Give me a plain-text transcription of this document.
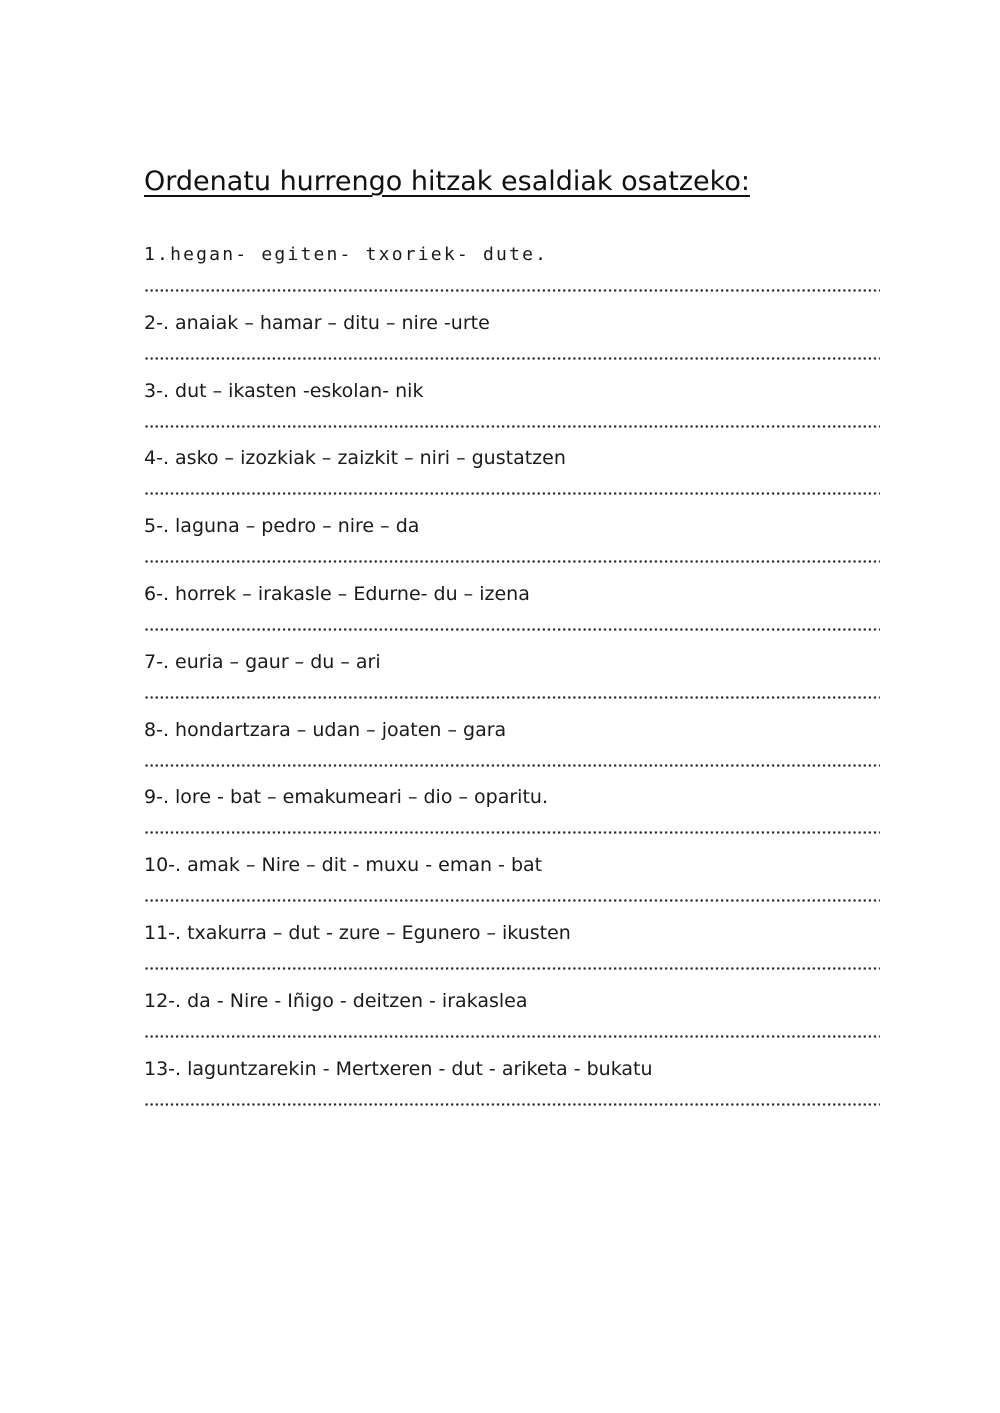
Ordenatu hurrengo hitzak esaldiak osatzeko:
1.hegan- egiten- txoriek- dute.
2-. anaiak – hamar – ditu – nire -urte
3-. dut – ikasten -eskolan- nik
4-. asko – izozkiak – zaizkit – niri – gustatzen
5-. laguna – pedro – nire – da
6-. horrek – irakasle – Edurne- du – izena
7-. euria – gaur – du – ari
8-. hondartzara – udan – joaten – gara
9-. lore - bat – emakumeari – dio – oparitu.
10-. amak – Nire – dit - muxu - eman - bat
11-. txakurra – dut - zure – Egunero – ikusten
12-. da - Nire - Iñigo - deitzen - irakaslea
13-. laguntzarekin - Mertxeren - dut - ariketa - bukatu
